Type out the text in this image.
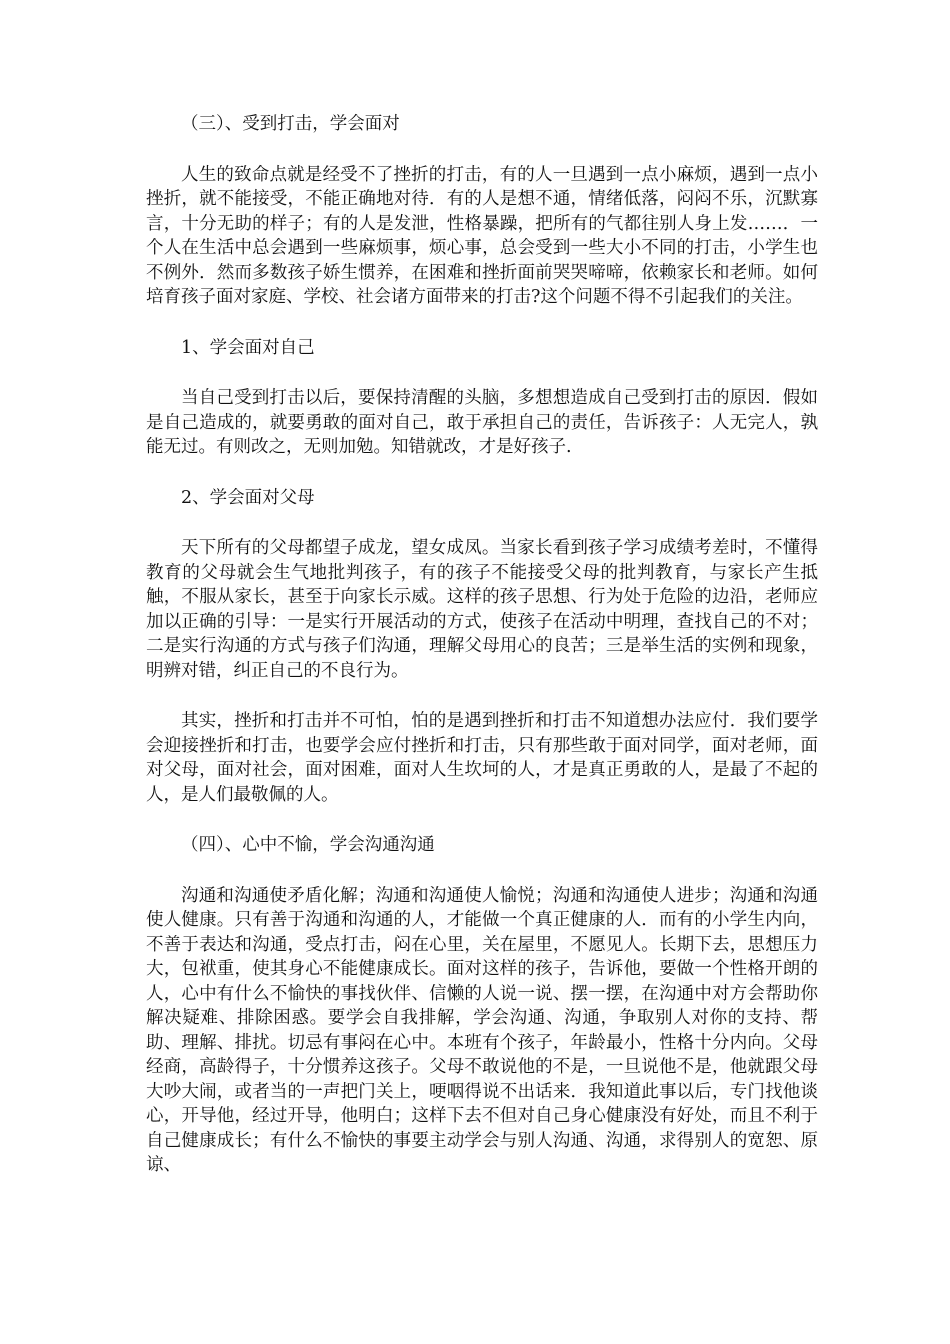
（三）、受到打击，学会面对

人生的致命点就是经受不了挫折的打击，有的人一旦遇到一点小麻烦，遇到一点小挫折，就不能接受，不能正确地对待．有的人是想不通，情绪低落，闷闷不乐，沉默寡言，十分无助的样子；有的人是发泄，性格暴躁，把所有的气都往别人身上发……．一个人在生活中总会遇到一些麻烦事，烦心事，总会受到一些大小不同的打击，小学生也不例外．然而多数孩子娇生惯养，在困难和挫折面前哭哭啼啼，依赖家长和老师。如何培育孩子面对家庭、学校、社会诸方面带来的打击?这个问题不得不引起我们的关注。

1、学会面对自己

当自己受到打击以后，要保持清醒的头脑，多想想造成自己受到打击的原因．假如是自己造成的，就要勇敢的面对自己，敢于承担自己的责任，告诉孩子：人无完人，孰能无过。有则改之，无则加勉。知错就改，才是好孩子.

2、学会面对父母

天下所有的父母都望子成龙，望女成凤。当家长看到孩子学习成绩考差时，不懂得教育的父母就会生气地批判孩子，有的孩子不能接受父母的批判教育，与家长产生抵触，不服从家长，甚至于向家长示威。这样的孩子思想、行为处于危险的边沿，老师应加以正确的引导：一是实行开展活动的方式，使孩子在活动中明理，查找自己的不对；二是实行沟通的方式与孩子们沟通，理解父母用心的良苦；三是举生活的实例和现象，明辨对错，纠正自己的不良行为。

其实，挫折和打击并不可怕，怕的是遇到挫折和打击不知道想办法应付．我们要学会迎接挫折和打击，也要学会应付挫折和打击，只有那些敢于面对同学，面对老师，面对父母，面对社会，面对困难，面对人生坎坷的人，才是真正勇敢的人，是最了不起的人，是人们最敬佩的人。

（四）、心中不愉，学会沟通沟通

沟通和沟通使矛盾化解；沟通和沟通使人愉悦；沟通和沟通使人进步；沟通和沟通使人健康。只有善于沟通和沟通的人，才能做一个真正健康的人．而有的小学生内向，不善于表达和沟通，受点打击，闷在心里，关在屋里，不愿见人。长期下去，思想压力大，包袱重，使其身心不能健康成长。面对这样的孩子，告诉他，要做一个性格开朗的人，心中有什么不愉快的事找伙伴、信懒的人说一说、摆一摆，在沟通中对方会帮助你解决疑难、排除困惑。要学会自我排解，学会沟通、沟通，争取别人对你的支持、帮助、理解、排扰。切忌有事闷在心中。本班有个孩子，年龄最小，性格十分内向。父母经商，高龄得子，十分惯养这孩子。父母不敢说他的不是，一旦说他不是，他就跟父母大吵大闹，或者当的一声把门关上，哽咽得说不出话来．我知道此事以后，专门找他谈心，开导他，经过开导，他明白；这样下去不但对自己身心健康没有好处，而且不利于自己健康成长；有什么不愉快的事要主动学会与别人沟通、沟通，求得别人的宽恕、原谅、
